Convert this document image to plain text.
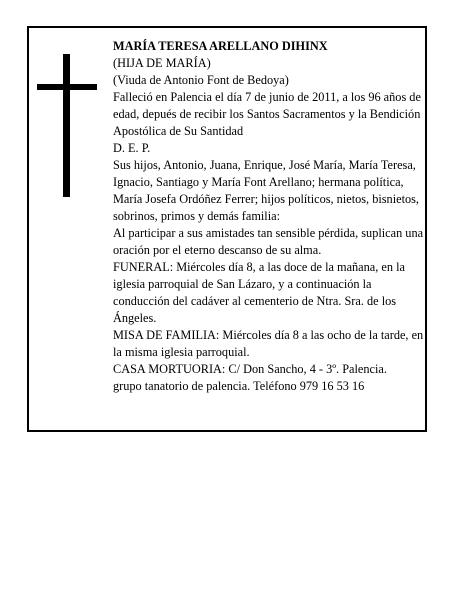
MARÍA TERESA ARELLANO DIHINX

(HIJA DE MARÍA)

(Viuda de Antonio Font de Bedoya)

Falleció en Palencia el día 7 de junio de 2011, a los 96 años de edad, depués de recibir los Santos Sacramentos y la Bendición Apostólica de Su Santidad

D. E. P.

Sus hijos, Antonio, Juana, Enrique, José María, María Teresa, Ignacio, Santiago y María Font Arellano; hermana política, María Josefa Ordóñez Ferrer; hijos políticos, nietos, bisnietos, sobrinos, primos y demás familia:

Al participar a sus amistades tan sensible pérdida, suplican una oración por el eterno descanso de su alma.

FUNERAL: Miércoles día 8, a las doce de la mañana, en la iglesia parroquial de San Lázaro, y a continuación la conducción del cadáver al cementerio de Ntra. Sra. de los Ángeles.

MISA DE FAMILIA: Miércoles día 8 a las ocho de la tarde, en la misma iglesia parroquial.

CASA MORTUORIA: C/ Don Sancho, 4 - 3º. Palencia.

grupo tanatorio de palencia. Teléfono 979 16 53 16
